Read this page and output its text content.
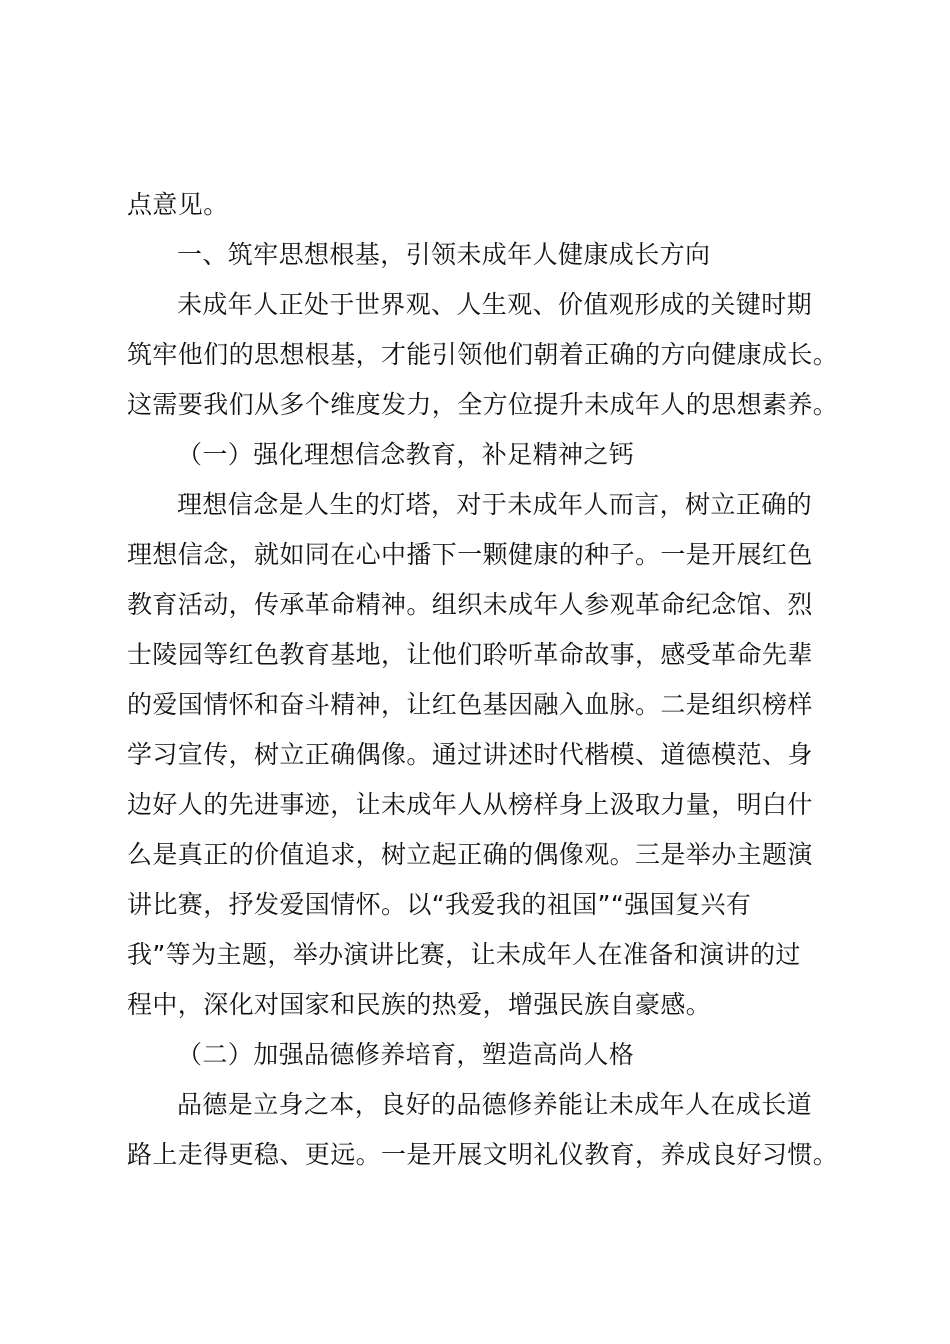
点意见。
一、筑牢思想根基，引领未成年人健康成长方向
未成年人正处于世界观、人生观、价值观形成的关键时期
筑牢他们的思想根基，才能引领他们朝着正确的方向健康成长。
这需要我们从多个维度发力，全方位提升未成年人的思想素养。
（一）强化理想信念教育，补足精神之钙
理想信念是人生的灯塔，对于未成年人而言，树立正确的
理想信念，就如同在心中播下一颗健康的种子。一是开展红色
教育活动，传承革命精神。组织未成年人参观革命纪念馆、烈
士陵园等红色教育基地，让他们聆听革命故事，感受革命先辈
的爱国情怀和奋斗精神，让红色基因融入血脉。二是组织榜样
学习宣传，树立正确偶像。通过讲述时代楷模、道德模范、身
边好人的先进事迹，让未成年人从榜样身上汲取力量，明白什
么是真正的价值追求，树立起正确的偶像观。三是举办主题演
讲比赛，抒发爱国情怀。以“我爱我的祖国”“强国复兴有
我”等为主题，举办演讲比赛，让未成年人在准备和演讲的过
程中，深化对国家和民族的热爱，增强民族自豪感。
（二）加强品德修养培育，塑造高尚人格
品德是立身之本，良好的品德修养能让未成年人在成长道
路上走得更稳、更远。一是开展文明礼仪教育，养成良好习惯。
